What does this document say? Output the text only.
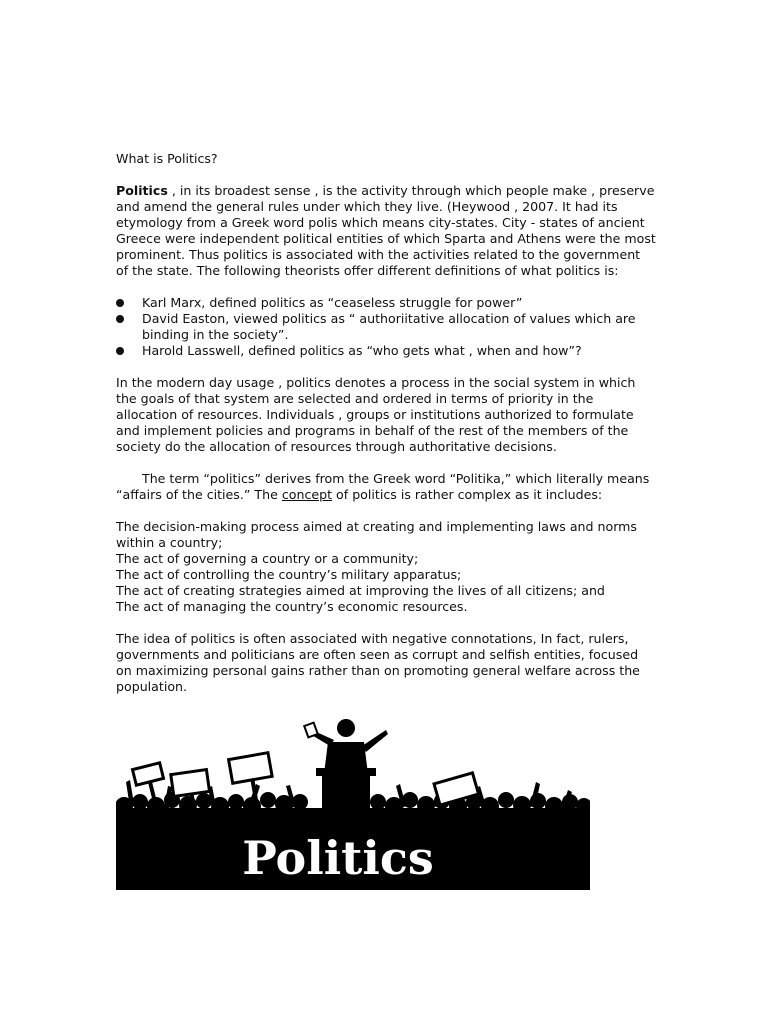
What is Politics?

Politics , in its broadest sense , is the activity through which people make , preserve and amend the general rules under which they live. (Heywood , 2007. It had its etymology from a Greek word polis which means city-states. City - states of ancient Greece were independent political entities of which Sparta and Athens were the most prominent. Thus politics is associated with the activities related to the government of the state. The following theorists offer different definitions of what politics is:

Karl Marx, defined politics as “ceaseless struggle for power”
David Easton, viewed politics as “ authoriitative allocation of values which are binding in the society”.
Harold Lasswell, defined politics as “who gets what , when and how”?

In the modern day usage , politics denotes a process in the social system in which the goals of that system are selected and ordered in terms of priority in the allocation of resources. Individuals , groups or institutions authorized to formulate and implement policies and programs in behalf of the rest of the members of the society do the allocation of resources through authoritative decisions.

The term “politics” derives from the Greek word “Politika,” which literally means “affairs of the cities.” The concept of politics is rather complex as it includes:

The decision-making process aimed at creating and implementing laws and norms within a country;

The act of governing a country or a community;

The act of controlling the country’s military apparatus;

The act of creating strategies aimed at improving the lives of all citizens; and

The act of managing the country’s economic resources.

The idea of politics is often associated with negative connotations, In fact, rulers, governments and politicians are often seen as corrupt and selfish entities, focused on maximizing personal gains rather than on promoting general welfare across the population.

Politics
